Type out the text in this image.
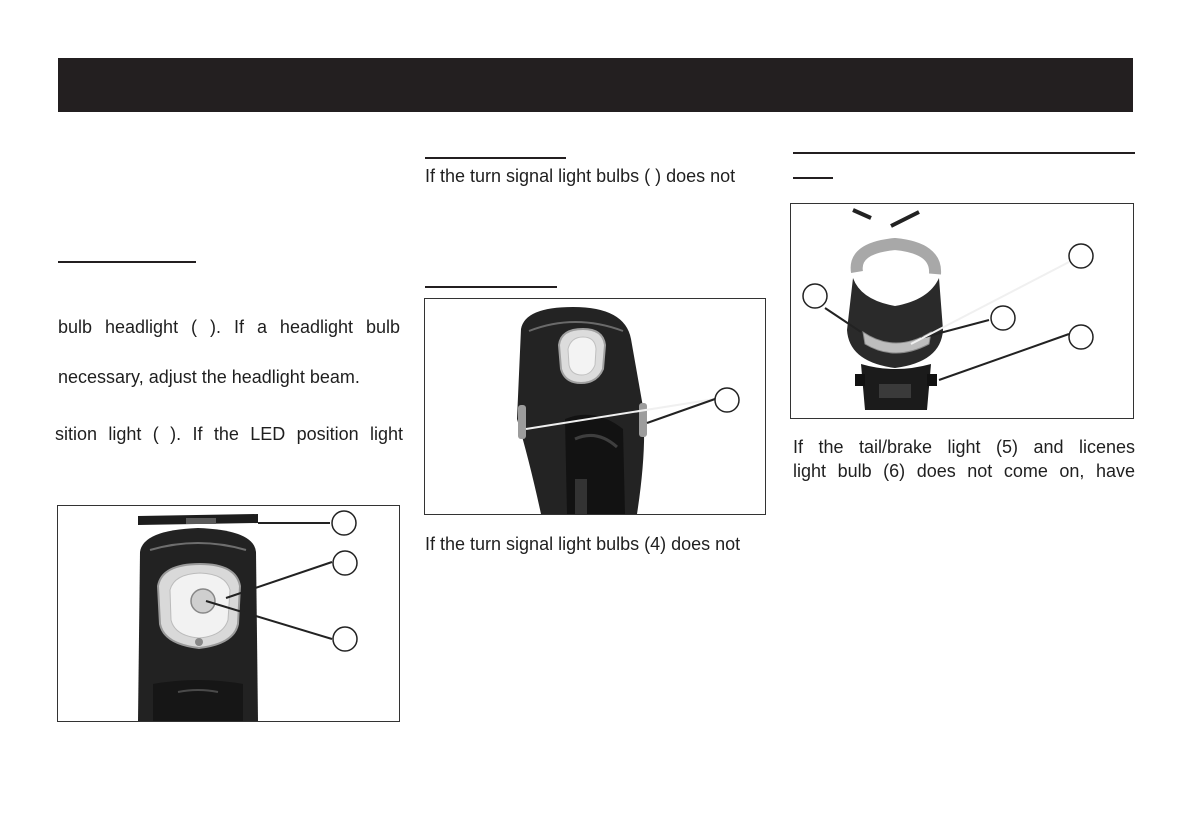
bulb headlight ( ). If a headlight bulb
necessary, adjust the headlight beam.
sition light ( ). If the LED position light
If the turn signal light bulbs ( ) does not
If the turn signal light bulbs (4) does not
If the tail/brake light (5) and licenes
light bulb (6) does not come on, have
